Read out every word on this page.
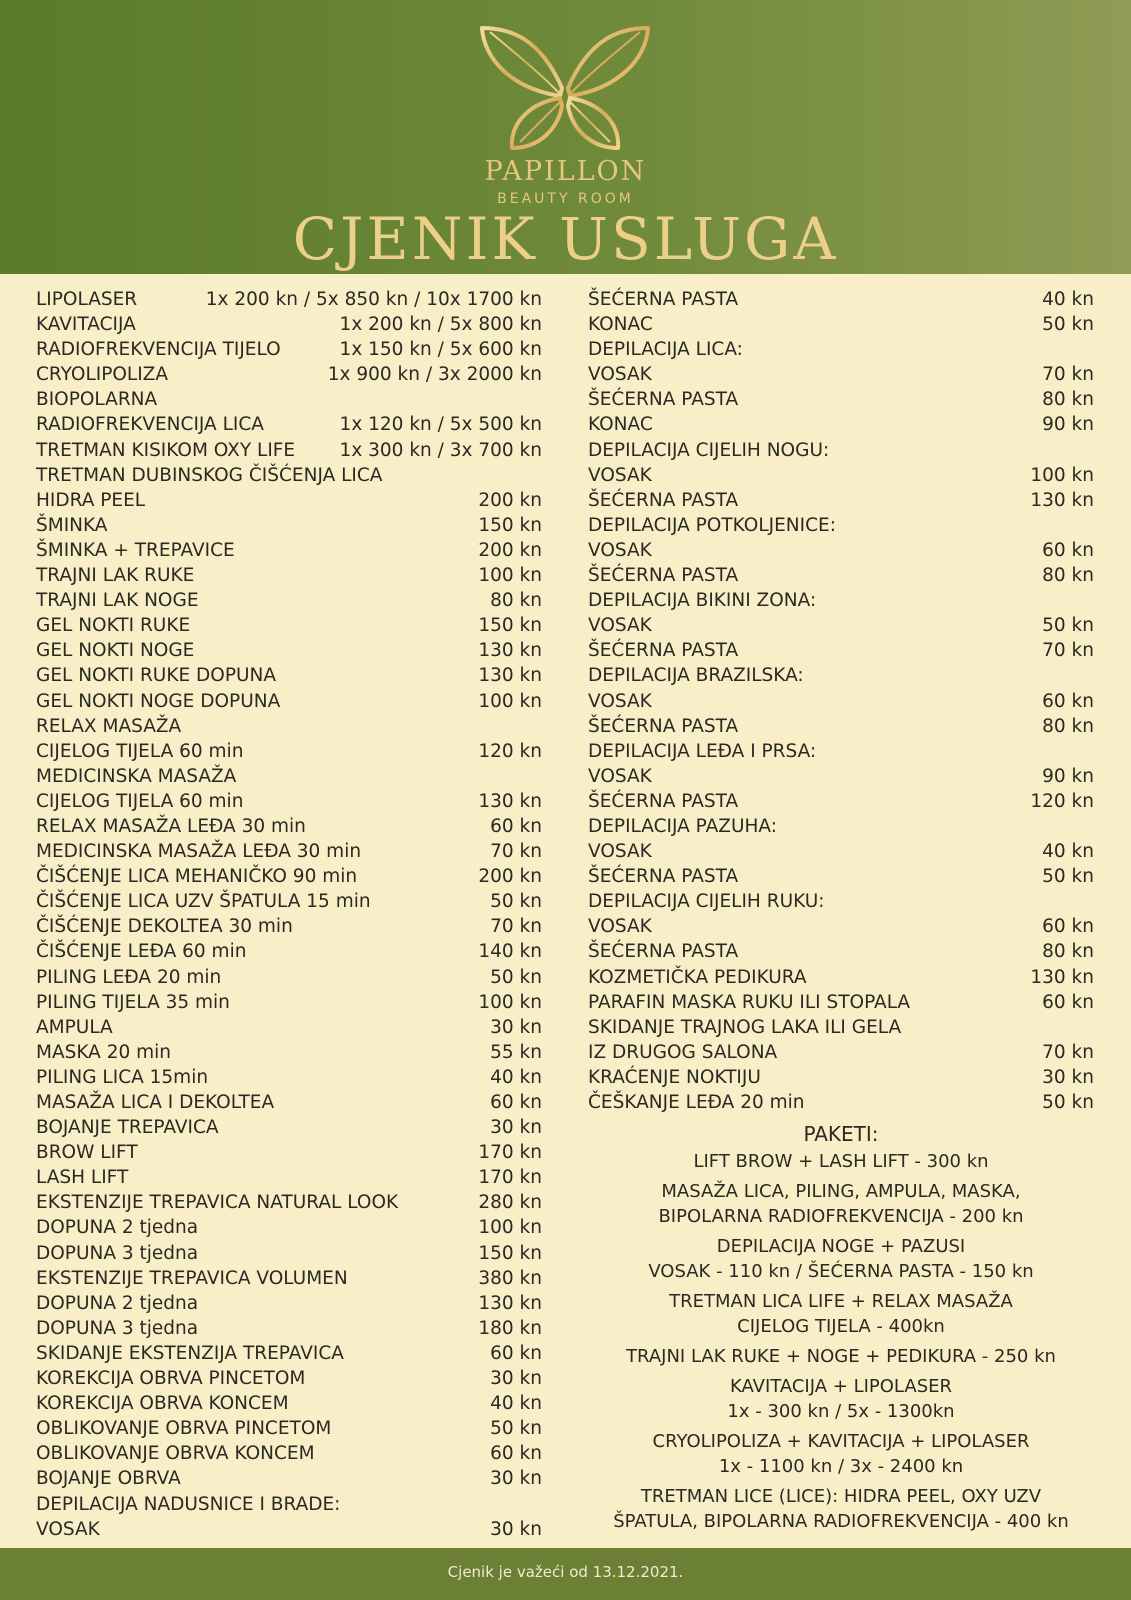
PAPILLON
BEAUTY ROOM
CJENIK USLUGA
LIPOLASER	1x 200 kn / 5x 850 kn / 10x 1700 kn
KAVITACIJA	1x 200 kn / 5x 800 kn
RADIOFREKVENCIJA TIJELO	1x 150 kn / 5x 600 kn
CRYOLIPOLIZA	1x 900 kn / 3x 2000 kn
BIOPOLARNA
RADIOFREKVENCIJA LICA	1x 120 kn / 5x 500 kn
TRETMAN KISIKOM OXY LIFE 1x 300 kn / 3x 700 kn
TRETMAN DUBINSKOG ČIŠĆENJA LICA
HIDRA PEEL	200 kn
ŠMINKA	150 kn
ŠMINKA + TREPAVICE	200 kn
TRAJNI LAK RUKE	100 kn
TRAJNI LAK NOGE	80 kn
GEL NOKTI RUKE	150 kn
GEL NOKTI NOGE	130 kn
GEL NOKTI RUKE DOPUNA	130 kn
GEL NOKTI NOGE DOPUNA	100 kn
RELAX MASAŽA
CIJELOG TIJELA 60 min	120 kn
MEDICINSKA MASAŽA
CIJELOG TIJELA 60 min	130 kn
RELAX MASAŽA LEĐA 30 min	60 kn
MEDICINSKA MASAŽA LEĐA 30 min	70 kn
ČIŠĆENJE LICA MEHANIČKO 90 min	200 kn
ČIŠĆENJE LICA UZV ŠPATULA 15 min	50 kn
ČIŠĆENJE DEKOLTEA 30 min	70 kn
ČIŠĆENJE LEĐA 60 min	140 kn
PILING LEĐA 20 min	50 kn
PILING TIJELA 35 min	100 kn
AMPULA	30 kn
MASKA 20 min	55 kn
PILING LICA 15min	40 kn
MASAŽA LICA I DEKOLTEA	60 kn
BOJANJE TREPAVICA	30 kn
BROW LIFT	170 kn
LASH LIFT	170 kn
EKSTENZIJE TREPAVICA NATURAL LOOK	280 kn
DOPUNA 2 tjedna	100 kn
DOPUNA 3 tjedna	150 kn
EKSTENZIJE TREPAVICA VOLUMEN	380 kn
DOPUNA 2 tjedna	130 kn
DOPUNA 3 tjedna	180 kn
SKIDANJE EKSTENZIJA TREPAVICA	60 kn
KOREKCIJA OBRVA PINCETOM	30 kn
KOREKCIJA OBRVA KONCEM	40 kn
OBLIKOVANJE OBRVA PINCETOM	50 kn
OBLIKOVANJE OBRVA KONCEM	60 kn
BOJANJE OBRVA	30 kn
DEPILACIJA NADUSNICE I BRADE:
VOSAK	30 kn
ŠEĆERNA PASTA	40 kn
KONAC	50 kn
DEPILACIJA LICA:
VOSAK	70 kn
ŠEĆERNA PASTA	80 kn
KONAC	90 kn
DEPILACIJA CIJELIH NOGU:
VOSAK	100 kn
ŠEĆERNA PASTA	130 kn
DEPILACIJA POTKOLJENICE:
VOSAK	60 kn
ŠEĆERNA PASTA	80 kn
DEPILACIJA BIKINI ZONA:
VOSAK	50 kn
ŠEĆERNA PASTA	70 kn
DEPILACIJA BRAZILSKA:
VOSAK	60 kn
ŠEĆERNA PASTA	80 kn
DEPILACIJA LEĐA I PRSA:
VOSAK	90 kn
ŠEĆERNA PASTA	120 kn
DEPILACIJA PAZUHA:
VOSAK	40 kn
ŠEĆERNA PASTA	50 kn
DEPILACIJA CIJELIH RUKU:
VOSAK	60 kn
ŠEĆERNA PASTA	80 kn
KOZMETIČKA PEDIKURA	130 kn
PARAFIN MASKA RUKU ILI STOPALA	60 kn
SKIDANJE TRAJNOG LAKA ILI GELA
IZ DRUGOG SALONA	70 kn
KRAĆENJE NOKTIJU	30 kn
ČEŠKANJE LEĐA 20 min	50 kn
PAKETI:
LIFT BROW + LASH LIFT - 300 kn
MASAŽA LICA, PILING, AMPULA, MASKA,
BIPOLARNA RADIOFREKVENCIJA - 200 kn
DEPILACIJA NOGE + PAZUSI
VOSAK - 110 kn / ŠEĆERNA PASTA - 150 kn
TRETMAN LICA LIFE + RELAX MASAŽA
CIJELOG TIJELA - 400kn
TRAJNI LAK RUKE + NOGE + PEDIKURA - 250 kn
KAVITACIJA + LIPOLASER
1x - 300 kn / 5x - 1300kn
CRYOLIPOLIZA + KAVITACIJA + LIPOLASER
1x - 1100 kn / 3x - 2400 kn
TRETMAN LICE (LICE): HIDRA PEEL, OXY UZV
ŠPATULA, BIPOLARNA RADIOFREKVENCIJA - 400 kn
Cjenik je važeći od 13.12.2021.
